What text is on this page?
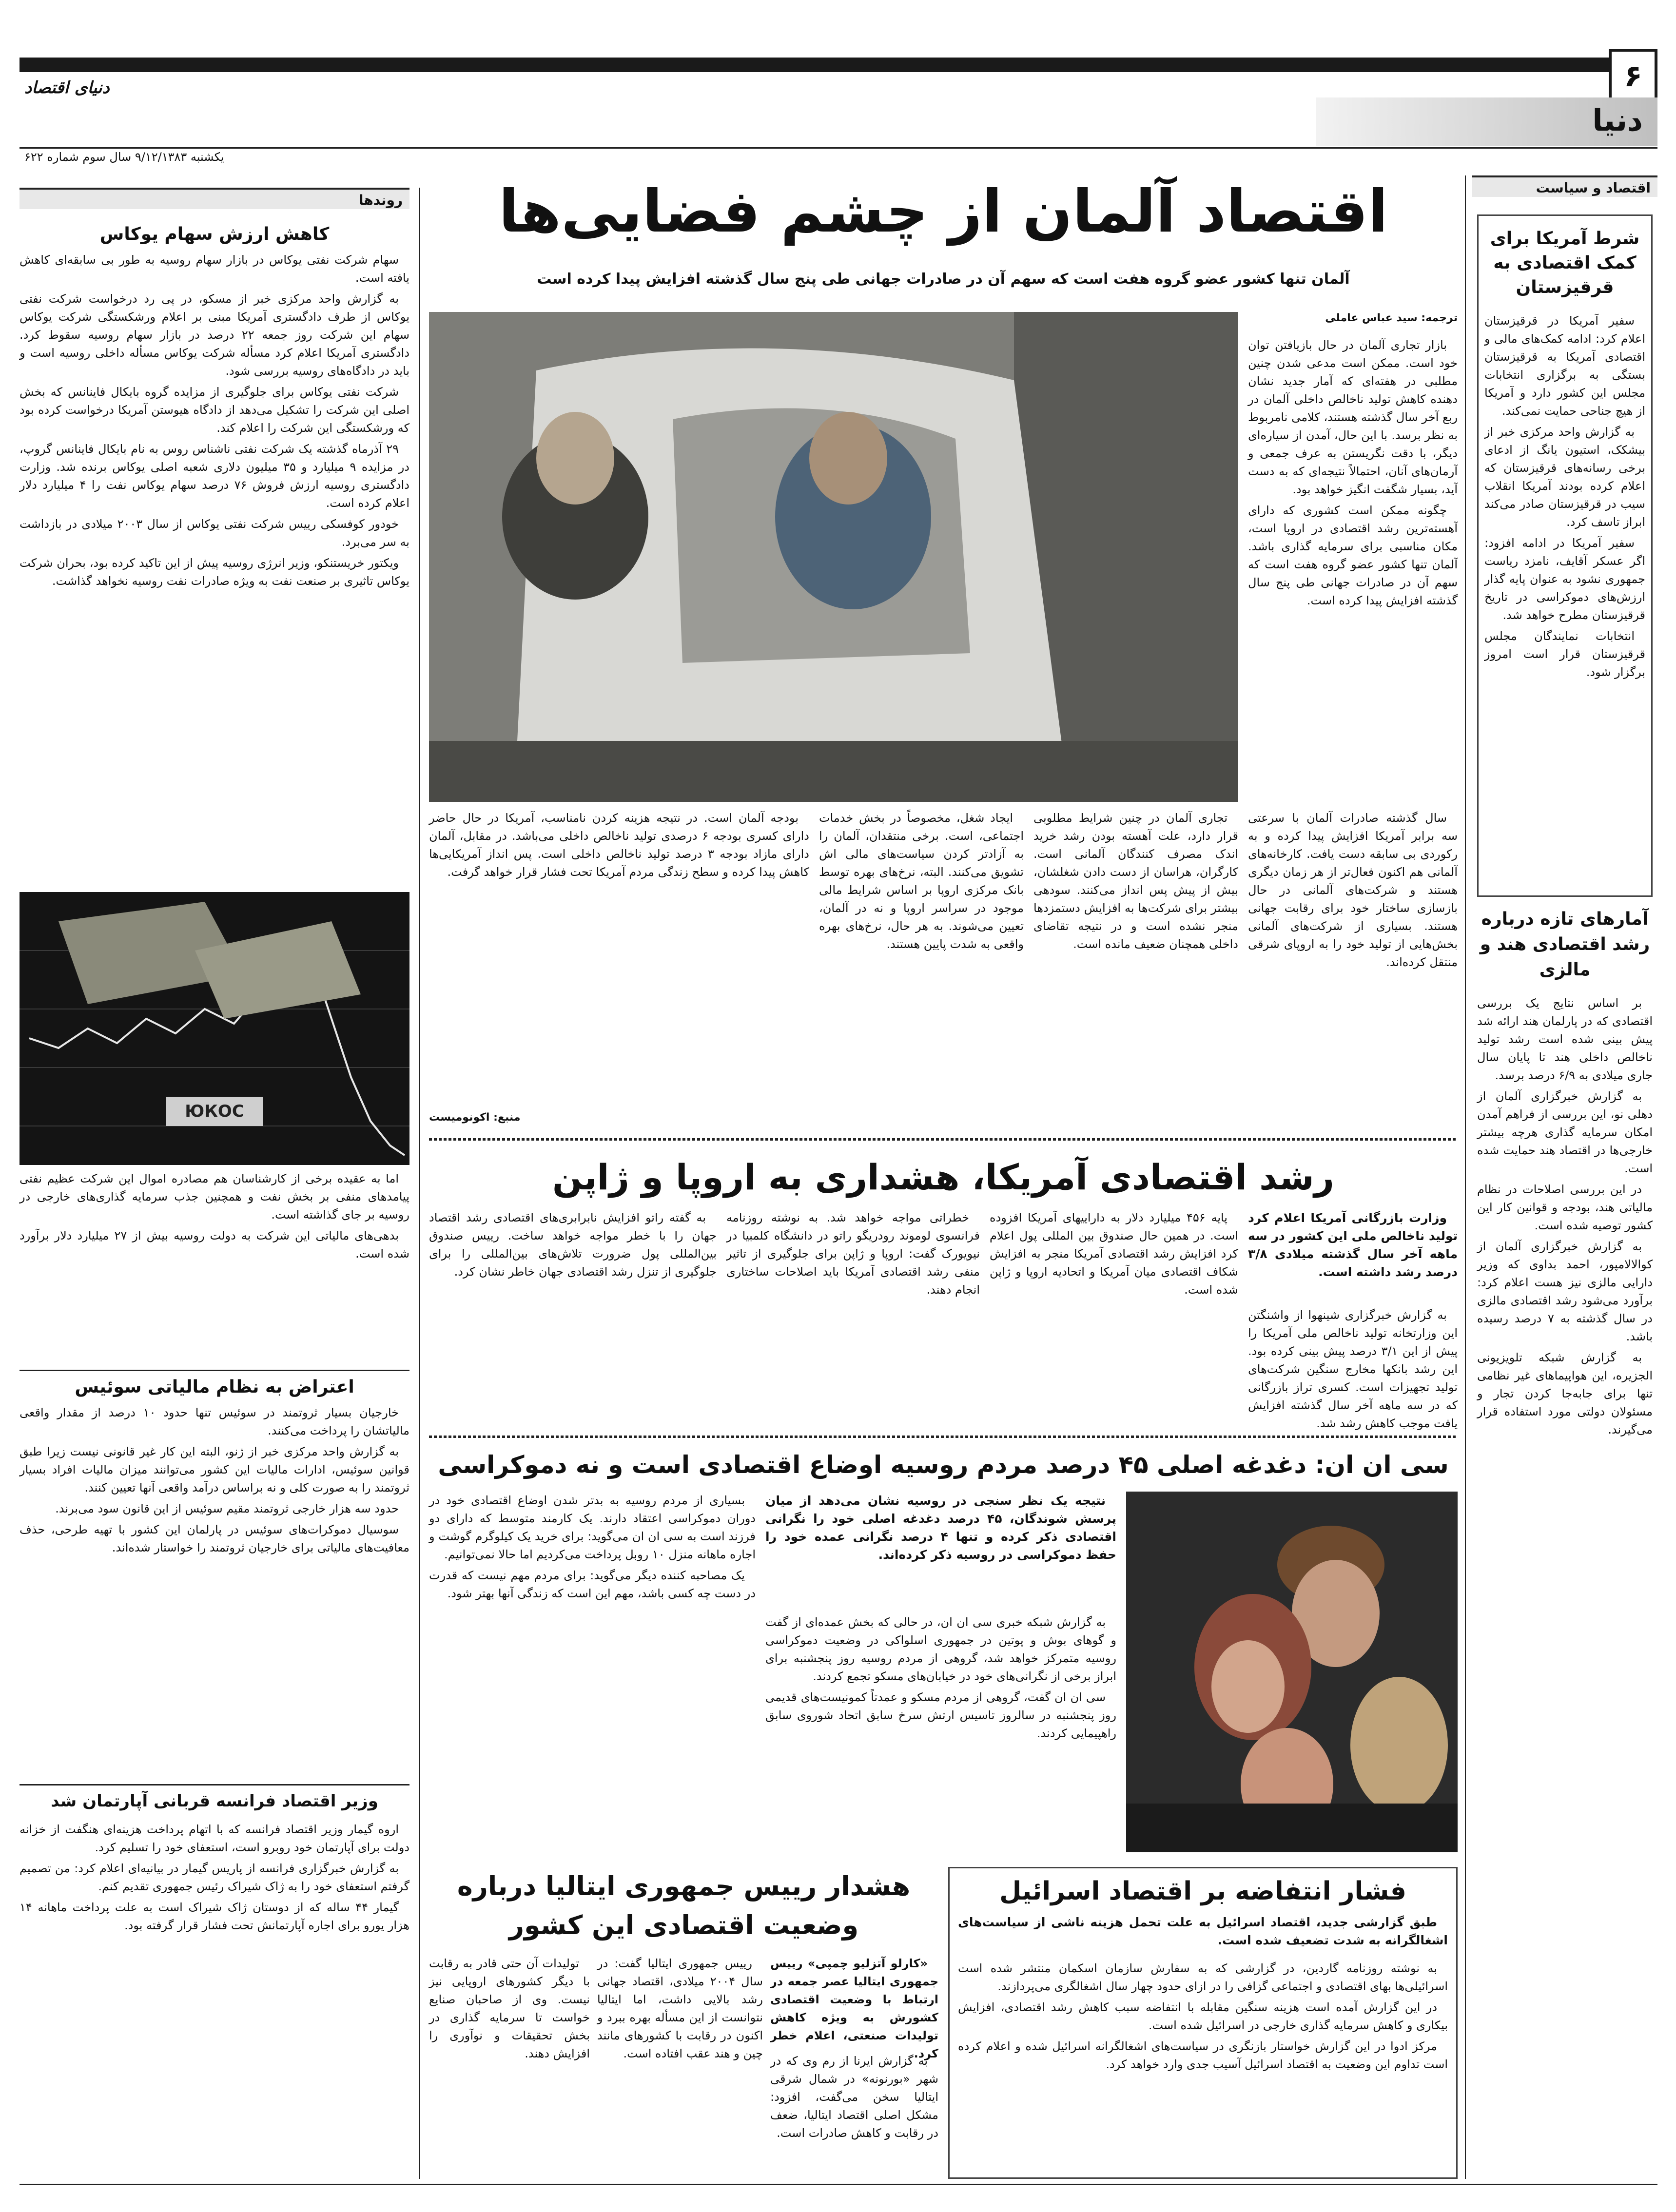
۶
دنیای اقتصاد
دنیا
یکشنبه ۹/۱۲/۱۳۸۳ سال سوم شماره ۶۲۲
اقتصاد و سیاست
شرط آمریکا برای کمک اقتصادی به قرقیزستان

سفیر آمریکا در قرقیزستان اعلام کرد: ادامه کمک‌های مالی و اقتصادی آمریکا به قرقیزستان بستگی به برگزاری انتخابات مجلس این کشور دارد و آمریکا از هیچ جناحی حمایت نمی‌کند.

به گزارش واحد مرکزی خبر از بیشکک، استیون یانگ از ادعای برخی رسانه‌های قرقیزستان که اعلام کرده بودند آمریکا انقلاب سیب در قرقیزستان صادر می‌کند ابراز تاسف کرد.

سفیر آمریکا در ادامه افزود: اگر عسکر آقایف، نامزد ریاست جمهوری نشود به عنوان پایه گذار ارزش‌های دموکراسی در تاریخ قرقیزستان مطرح خواهد شد.

انتخابات نمایندگان مجلس قرقیزستان قرار است امروز برگزار شود.

آمارهای تازه درباره رشد اقتصادی هند و مالزی

بر اساس نتایج یک بررسی اقتصادی که در پارلمان هند ارائه شد پیش بینی شده است رشد تولید ناخالص داخلی هند تا پایان سال جاری میلادی به ۶/۹ درصد برسد.

به گزارش خبرگزاری آلمان از دهلی نو، این بررسی از فراهم آمدن امکان سرمایه گذاری هرچه بیشتر خارجی‌ها در اقتصاد هند حمایت شده است.

در این بررسی اصلاحات در نظام مالیاتی هند، بودجه و قوانین کار این کشور توصیه شده است.

به گزارش خبرگزاری آلمان از کوالالامپور، احمد بداوی که وزیر دارایی مالزی نیز هست اعلام کرد: برآورد می‌شود رشد اقتصادی مالزی در سال گذشته به ۷ درصد رسیده باشد.

به گزارش شبکه تلویزیونی الجزیره، این هواپیماهای غیر نظامی تنها برای جابه‌جا کردن تجار و مسئولان دولتی مورد استفاده قرار می‌گیرند.

روندها
کاهش ارزش سهام یوکاس

سهام شرکت نفتی یوکاس در بازار سهام روسیه به طور بی سابقه‌ای کاهش یافته است.

به گزارش واحد مرکزی خبر از مسکو، در پی رد درخواست شرکت نفتی یوکاس از طرف دادگستری آمریکا مبنی بر اعلام ورشکستگی شرکت یوکاس سهام این شرکت روز جمعه ۲۲ درصد در بازار سهام روسیه سقوط کرد. دادگستری آمریکا اعلام کرد مسأله شرکت یوکاس مسأله داخلی روسیه است و باید در دادگاه‌های روسیه بررسی شود.

شرکت نفتی یوکاس برای جلوگیری از مزایده گروه بایکال فاینانس که بخش اصلی این شرکت را تشکیل می‌دهد از دادگاه هیوستن آمریکا درخواست کرده بود که ورشکستگی این شرکت را اعلام کند.

۲۹ آذرماه گذشته یک شرکت نفتی ناشناس روس به نام بایکال فاینانس گروپ، در مزایده ۹ میلیارد و ۳۵ میلیون دلاری شعبه اصلی یوکاس برنده شد. وزارت دادگستری روسیه ارزش فروش ۷۶ درصد سهام یوکاس نفت را ۴ میلیارد دلار اعلام کرده است.

خودور کوفسکی رییس شرکت نفتی یوکاس از سال ۲۰۰۳ میلادی در بازداشت به سر می‌برد.

ویکتور خریستنکو، وزیر انرژی روسیه پیش از این تاکید کرده بود، بحران شرکت یوکاس تاثیری بر صنعت نفت به ویژه صادرات نفت روسیه نخواهد گذاشت.

ЮКОС

اما به عقیده برخی از کارشناسان هم مصادره اموال این شرکت عظیم نفتی پیامدهای منفی بر بخش نفت و همچنین جذب سرمایه گذاری‌های خارجی در روسیه بر جای گذاشته است.

بدهی‌های مالیاتی این شرکت به دولت روسیه بیش از ۲۷ میلیارد دلار برآورد شده است.

اعتراض به نظام مالیاتی سوئیس

خارجیان بسیار ثروتمند در سوئیس تنها حدود ۱۰ درصد از مقدار واقعی مالیاتشان را پرداخت می‌کنند.

به گزارش واحد مرکزی خبر از ژنو، البته این کار غیر قانونی نیست زیرا طبق قوانین سوئیس، ادارات مالیات این کشور می‌توانند میزان مالیات افراد بسیار ثروتمند را به صورت کلی و نه براساس درآمد واقعی آنها تعیین کنند.

حدود سه هزار خارجی ثروتمند مقیم سوئیس از این قانون سود می‌برند.

سوسیال دموکرات‌های سوئیس در پارلمان این کشور با تهیه طرحی، حذف معافیت‌های مالیاتی برای خارجیان ثروتمند را خواستار شده‌اند.

وزیر اقتصاد فرانسه قربانی آپارتمان شد

اروه گیمار وزیر اقتصاد فرانسه که با اتهام پرداخت هزینه‌ای هنگفت از خزانه دولت برای آپارتمان خود روبرو است، استعفای خود را تسلیم کرد.

به گزارش خبرگزاری فرانسه از پاریس گیمار در بیانیه‌ای اعلام کرد: من تصمیم گرفتم استعفای خود را به ژاک شیراک رئیس جمهوری تقدیم کنم.

گیمار ۴۴ ساله که از دوستان ژاک شیراک است به علت پرداخت ماهانه ۱۴ هزار یورو برای اجاره آپارتمانش تحت فشار قرار گرفته بود.

اقتصاد آلمان از چشم فضایی‌ها
آلمان تنها کشور عضو گروه هفت است که سهم آن در صادرات جهانی طی پنج سال گذشته افزایش پیدا کرده است
ترجمه: سید عباس عاملی

بازار تجاری آلمان در حال بازیافتن توان خود است. ممکن است مدعی شدن چنین مطلبی در هفته‌ای که آمار جدید نشان دهنده کاهش تولید ناخالص داخلی آلمان در ربع آخر سال گذشته هستند، کلامی نامربوط به نظر برسد. با این حال، آمدن از سیاره‌ای دیگر، با دقت نگریستن به عرف جمعی و آرمان‌های آنان، احتمالاً نتیجه‌ای که به دست آید، بسیار شگفت انگیز خواهد بود.

چگونه ممکن است کشوری که دارای آهسته‌ترین رشد اقتصادی در اروپا است، مکان مناسبی برای سرمایه گذاری باشد. آلمان تنها کشور عضو گروه هفت است که سهم آن در صادرات جهانی طی پنج سال گذشته افزایش پیدا کرده است.

سال گذشته صادرات آلمان با سرعتی سه برابر آمریکا افزایش پیدا کرده و به رکوردی بی سابقه دست یافت. کارخانه‌های آلمانی هم اکنون فعال‌تر از هر زمان دیگری هستند و شرکت‌های آلمانی در حال بازسازی ساختار خود برای رقابت جهانی هستند. بسیاری از شرکت‌های آلمانی بخش‌هایی از تولید خود را به اروپای شرقی منتقل کرده‌اند.

تجاری آلمان در چنین شرایط مطلوبی قرار دارد، علت آهسته بودن رشد خرید اندک مصرف کنندگان آلمانی است. کارگران، هراسان از دست دادن شغلشان، بیش از پیش پس انداز می‌کنند. سودهی بیشتر برای شرکت‌ها به افزایش دستمزدها منجر نشده است و در نتیجه تقاضای داخلی همچنان ضعیف مانده است.

ایجاد شغل، مخصوصاً در بخش خدمات اجتماعی، است. برخی منتقدان، آلمان را به آزادتر کردن سیاست‌های مالی اش تشویق می‌کنند. البته، نرخ‌های بهره توسط بانک مرکزی اروپا بر اساس شرایط مالی موجود در سراسر اروپا و نه در آلمان، تعیین می‌شوند. به هر حال، نرخ‌های بهره واقعی به شدت پایین هستند.

بودجه آلمان است. در نتیجه هزینه کردن نامناسب، آمریکا در حال حاضر دارای کسری بودجه ۶ درصدی تولید ناخالص داخلی می‌باشد. در مقابل، آلمان دارای مازاد بودجه ۳ درصد تولید ناخالص داخلی است. پس انداز آمریکایی‌ها کاهش پیدا کرده و سطح زندگی مردم آمریکا تحت فشار قرار خواهد گرفت.

منبع: اکونومیست
رشد اقتصادی آمریکا، هشداری به اروپا و ژاپن

وزارت بازرگانی آمریکا اعلام کرد تولید ناخالص ملی این کشور در سه ماهه آخر سال گذشته میلادی ۳/۸ درصد رشد داشته است.

به گزارش خبرگزاری شینهوا از واشنگتن این وزارتخانه تولید ناخالص ملی آمریکا را پیش از این ۳/۱ درصد پیش بینی کرده بود. این رشد بانکها مخارج سنگین شرکت‌های تولید تجهیزات است. کسری تراز بازرگانی که در سه ماهه آخر سال گذشته افزایش یافت موجب کاهش رشد شد.

پایه ۴۵۶ میلیارد دلار به داراییهای آمریکا افزوده است. در همین حال صندوق بین المللی پول اعلام کرد افزایش رشد اقتصادی آمریکا منجر به افزایش شکاف اقتصادی میان آمریکا و اتحادیه اروپا و ژاپن شده است.

خطراتی مواجه خواهد شد. به نوشته روزنامه فرانسوی لوموند رودریگو راتو در دانشگاه کلمبیا در نیویورک گفت: اروپا و ژاپن برای جلوگیری از تاثیر منفی رشد اقتصادی آمریکا باید اصلاحات ساختاری انجام دهند.

به گفته راتو افزایش نابرابری‌های اقتصادی رشد اقتصاد جهان را با خطر مواجه خواهد ساخت. رییس صندوق بین‌المللی پول ضرورت تلاش‌های بین‌المللی را برای جلوگیری از تنزل رشد اقتصادی جهان خاطر نشان کرد.

سی ان ان: دغدغه اصلی ۴۵ درصد مردم روسیه اوضاع اقتصادی است و نه دموکراسی

نتیجه یک نظر سنجی در روسیه نشان می‌دهد از میان پرسش شوندگان، ۴۵ درصد دغدغه اصلی خود را نگرانی اقتصادی ذکر کرده و تنها ۴ درصد نگرانی عمده خود را حفظ دموکراسی در روسیه ذکر کرده‌اند.

به گزارش شبکه خبری سی ان ان، در حالی که بخش عمده‌ای از گفت و گوهای بوش و پوتین در جمهوری اسلواکی در وضعیت دموکراسی روسیه متمرکز خواهد شد، گروهی از مردم روسیه روز پنجشنبه برای ابراز برخی از نگرانی‌های خود در خیابان‌های مسکو تجمع کردند.

سی ان ان گفت، گروهی از مردم مسکو و عمدتاً کمونیست‌های قدیمی روز پنجشنبه در سالروز تاسیس ارتش سرخ سابق اتحاد شوروی سابق راهپیمایی کردند.

بسیاری از مردم روسیه به بدتر شدن اوضاع اقتصادی خود در دوران دموکراسی اعتقاد دارند. یک کارمند متوسط که دارای دو فرزند است به سی ان ان می‌گوید: برای خرید یک کیلوگرم گوشت و اجاره ماهانه منزل ۱۰ روبل پرداخت می‌کردیم اما حالا نمی‌توانیم.

یک مصاحبه کننده دیگر می‌گوید: برای مردم مهم نیست که قدرت در دست چه کسی باشد، مهم این است که زندگی آنها بهتر شود.

فشار انتفاضه بر اقتصاد اسرائیل

طبق گزارشی جدید، اقتصاد اسرائیل به علت تحمل هزینه ناشی از سیاست‌های اشغالگرانه به شدت تضعیف شده است.

به نوشته روزنامه گاردین، در گزارشی که به سفارش سازمان اسکمان منتشر شده است اسرائیلی‌ها بهای اقتصادی و اجتماعی گزافی را در ازای حدود چهار سال اشغالگری می‌پردازند.

در این گزارش آمده است هزینه سنگین مقابله با انتفاضه سبب کاهش رشد اقتصادی، افزایش بیکاری و کاهش سرمایه گذاری خارجی در اسرائیل شده است.

مرکز ادوا در این گزارش خواستار بازنگری در سیاست‌های اشغالگرانه اسرائیل شده و اعلام کرده است تداوم این وضعیت به اقتصاد اسرائیل آسیب جدی وارد خواهد کرد.

هشدار رییس جمهوری ایتالیا درباره وضعیت اقتصادی این کشور

«کارلو آتزلیو چمپی» رییس جمهوری ایتالیا عصر جمعه در ارتباط با وضعیت اقتصادی کشورش به ویژه کاهش تولیدات صنعتی، اعلام خطر کرد.

به گزارش ایرنا از رم وی که در شهر «بورنونه» در شمال شرقی ایتالیا سخن می‌گفت، افزود: مشکل اصلی اقتصاد ایتالیا، ضعف در رقابت و کاهش صادرات است.

رییس جمهوری ایتالیا گفت: در سال ۲۰۰۴ میلادی، اقتصاد جهانی رشد بالایی داشت، اما ایتالیا نتوانست از این مسأله بهره ببرد و اکنون در رقابت با کشورهای مانند چین و هند عقب افتاده است.

تولیدات آن حتی قادر به رقابت با دیگر کشورهای اروپایی نیز نیست. وی از صاحبان صنایع خواست تا سرمایه گذاری در بخش تحقیقات و نوآوری را افزایش دهند.
